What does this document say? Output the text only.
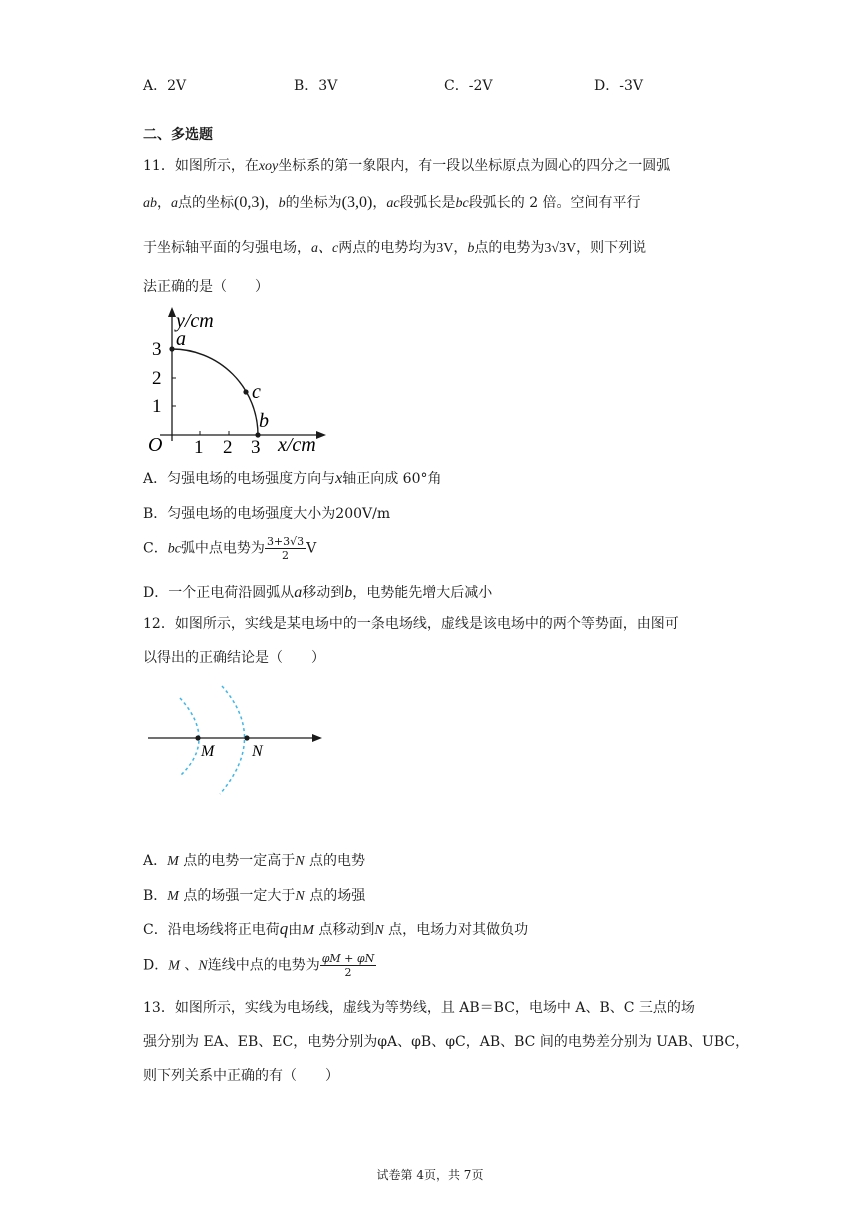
A．2V	B．3V	C．-2V	D．-3V
二、多选题
11．如图所示，在xoy坐标系的第一象限内，有一段以坐标原点为圆心的四分之一圆弧
ab，a点的坐标(0,3)，b的坐标为(3,0)，ac段弧长是bc段弧长的 2 倍。空间有平行
于坐标轴平面的匀强电场，a、c两点的电势均为3V，b点的电势为3√3V，则下列说
法正确的是（　　）
y/cm
x/cm
O
3
2
1
1 2 3
a
c
b
A．匀强电场的电场强度方向与x轴正向成 60°角
B．匀强电场的电场强度大小为200V/m
C．bc弧中点电势为 $\frac{3+3√3}{2}$ V
D．一个正电荷沿圆弧从a移动到b，电势能先增大后减小
12．如图所示，实线是某电场中的一条电场线，虚线是该电场中的两个等势面，由图可
以得出的正确结论是（　　）
M N
A．M 点的电势一定高于N 点的电势
B．M 点的场强一定大于N 点的场强
C．沿电场线将正电荷q由M 点移动到N 点，电场力对其做负功
D．M 、N连线中点的电势为 $\frac{\varphi M + \varphi N}{2}$
13．如图所示，实线为电场线，虚线为等势线，且 AB＝BC，电场中 A、B、C 三点的场
强分别为 EA、EB、EC，电势分别为φA、φB、φC，AB、BC 间的电势差分别为 UAB、UBC，
则下列关系中正确的有（　　）
试卷第 4页，共 7页
